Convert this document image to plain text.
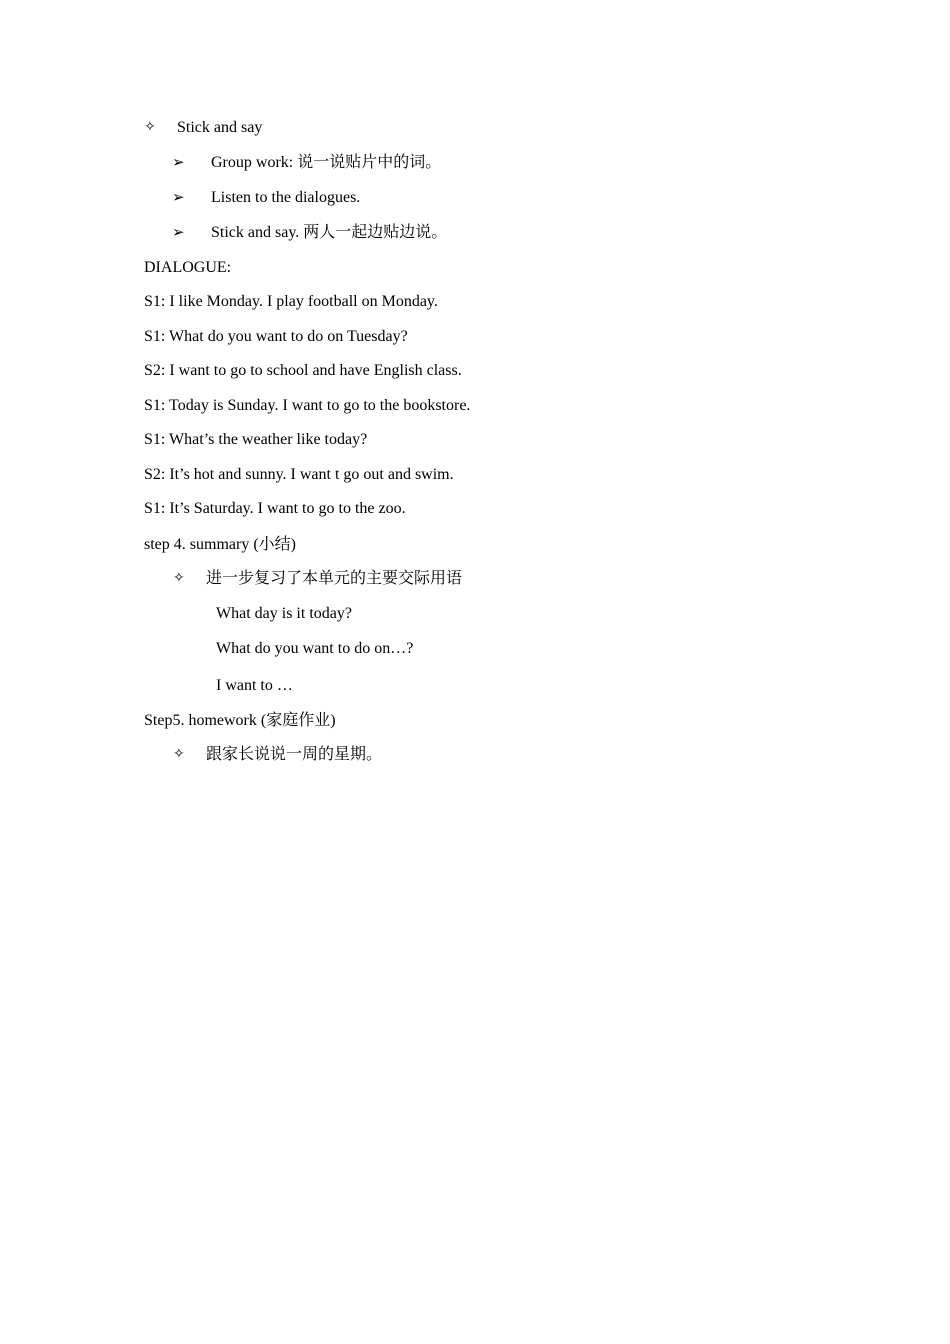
✧ Stick and say
➢ Group work: 说一说贴片中的词。
➢ Listen to the dialogues.
➢ Stick and say. 两人一起边贴边说。
DIALOGUE:
S1: I like Monday. I play football on Monday.
S1: What do you want to do on Tuesday?
S2: I want to go to school and have English class.
S1: Today is Sunday. I want to go to the bookstore.
S1: What’s the weather like today?
S2: It’s hot and sunny. I want t go out and swim.
S1: It’s Saturday. I want to go to the zoo.
step 4. summary (小结)
✧ 进一步复习了本单元的主要交际用语
What day is it today?
What do you want to do on…?
I want to …
Step5. homework (家庭作业)
✧ 跟家长说说一周的星期。
